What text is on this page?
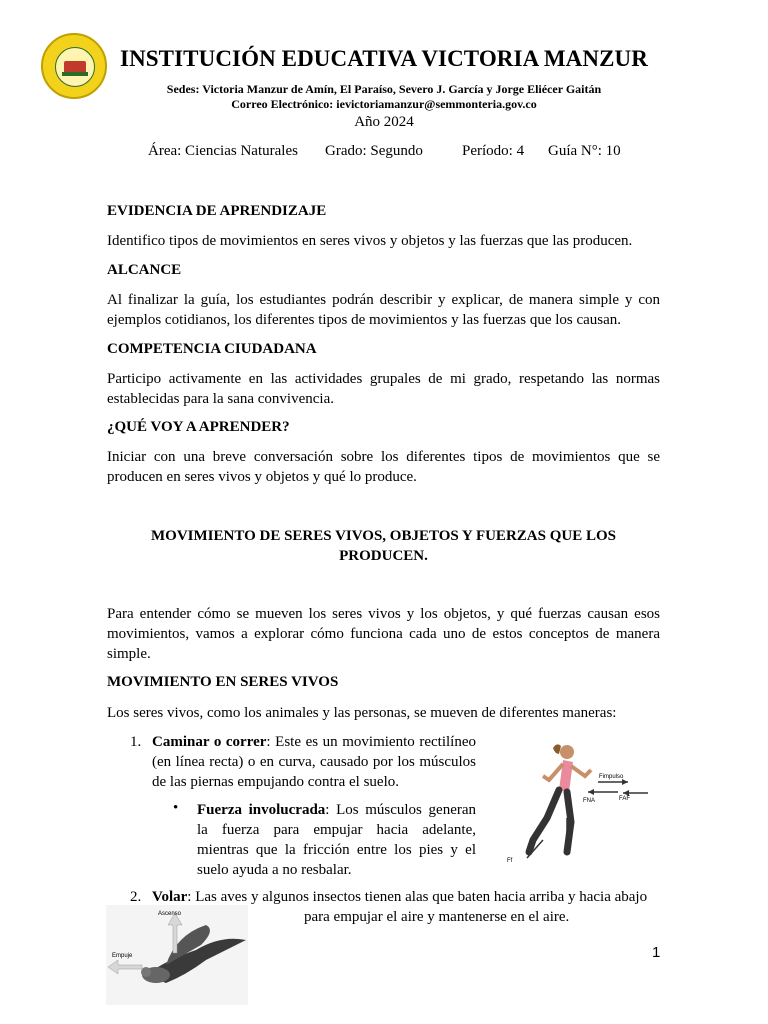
INSTITUCIÓN EDUCATIVA VICTORIA MANZUR
Sedes: Victoria Manzur de Amín, El Paraíso, Severo J. García y Jorge Eliécer Gaitán
Correo Electrónico: ievictoriamanzur@semmonteria.gov.co
Año 2024
Área: Ciencias Naturales Grado: Segundo	Período: 4 Guía N°: 10
EVIDENCIA DE APRENDIZAJE
Identifico tipos de movimientos en seres vivos y objetos y las fuerzas que las producen.
ALCANCE
Al finalizar la guía, los estudiantes podrán describir y explicar, de manera simple y con ejemplos cotidianos, los diferentes tipos de movimientos y las fuerzas que los causan.
COMPETENCIA CIUDADANA
Participo activamente en las actividades grupales de mi grado, respetando las normas establecidas para la sana convivencia.
¿QUÉ VOY A APRENDER?
Iniciar con una breve conversación sobre los diferentes tipos de movimientos que se producen en seres vivos y objetos y qué lo produce.
MOVIMIENTO DE SERES VIVOS, OBJETOS Y FUERZAS QUE LOS PRODUCEN.
Para entender cómo se mueven los seres vivos y los objetos, y qué fuerzas causan esos movimientos, vamos a explorar cómo funciona cada uno de estos conceptos de manera simple.
MOVIMIENTO EN SERES VIVOS
Los seres vivos, como los animales y las personas, se mueven de diferentes maneras:
1. Caminar o correr: Este es un movimiento rectilíneo (en línea recta) o en curva, causado por los músculos de las piernas empujando contra el suelo.
• Fuerza involucrada: Los músculos generan la fuerza para empujar hacia adelante, mientras que la fricción entre los pies y el suelo ayuda a no resbalar.
Fimpulso
FNA	FAF
Ff
2. Volar: Las aves y algunos insectos tienen alas que baten hacia arriba y hacia abajo
para empujar el aire y mantenerse en el aire.
Ascenso
Empuje	1
